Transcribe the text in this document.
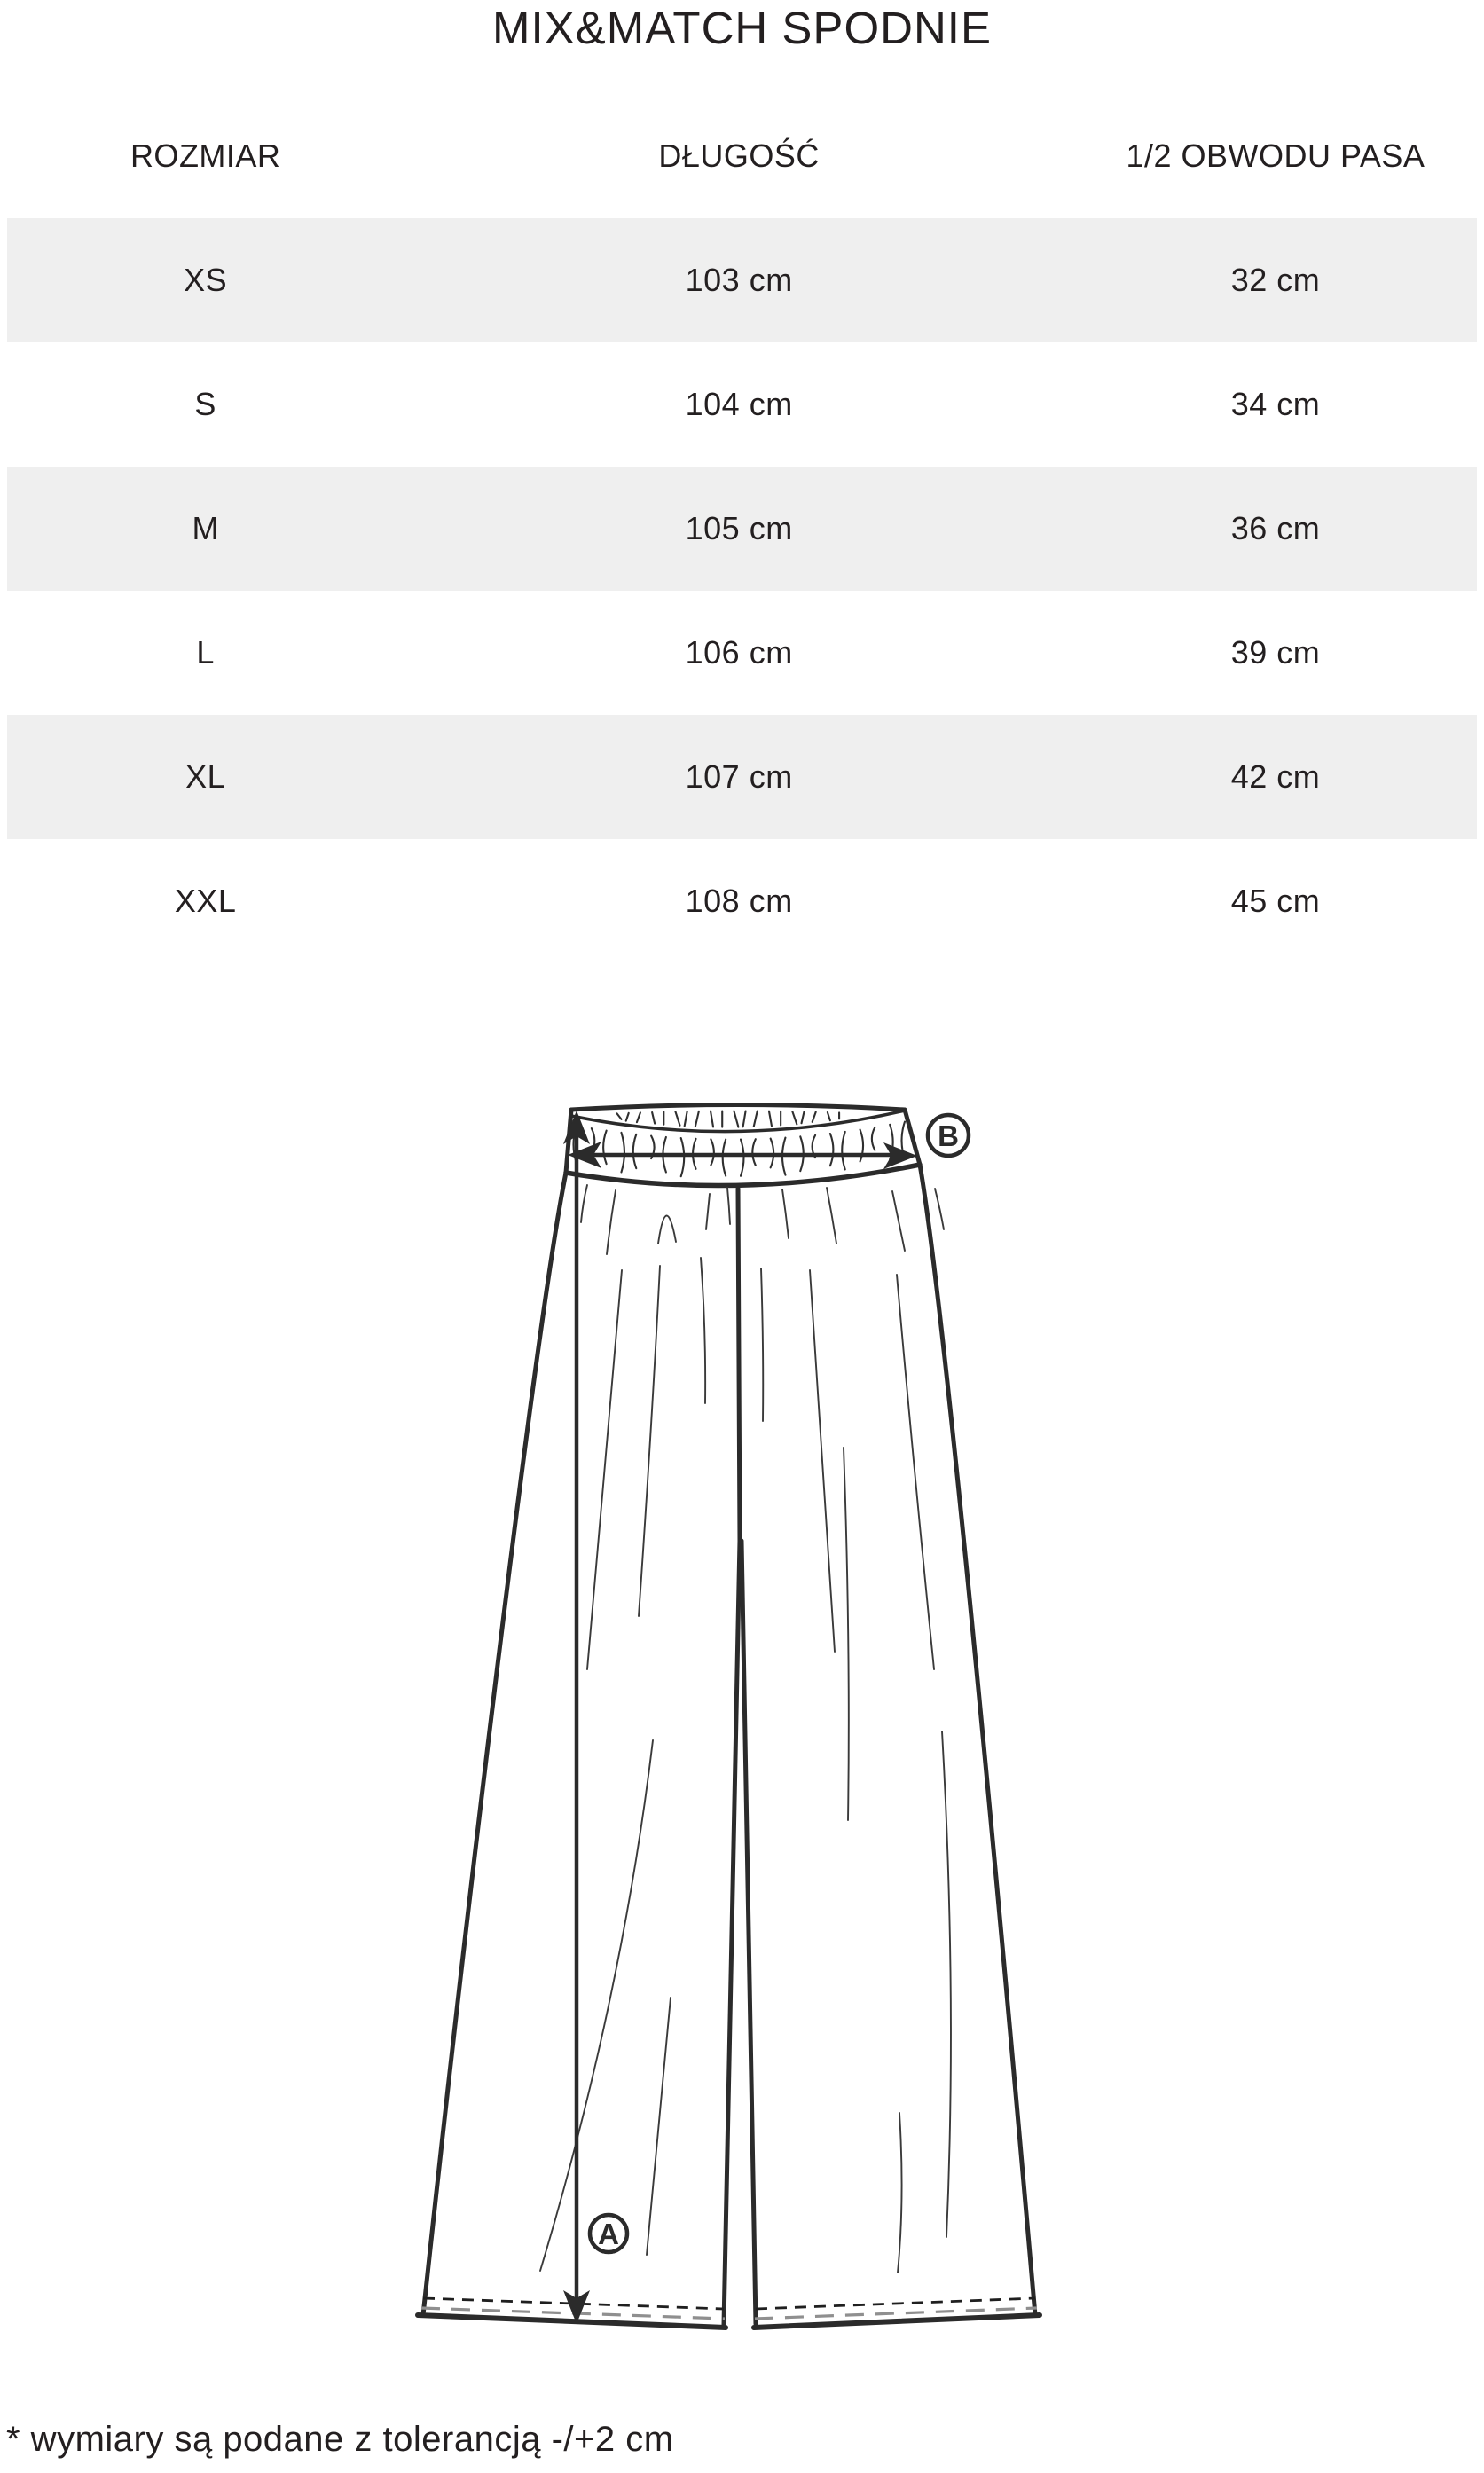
MIX&MATCH SPODNIE
ROZMIAR	DŁUGOŚĆ	1/2 OBWODU PASA
XS	103 cm	32 cm
S	104 cm	34 cm
M	105 cm	36 cm
L	106 cm	39 cm
XL	107 cm	42 cm
XXL	108 cm	45 cm
B
A

* wymiary są podane z tolerancją -/+2 cm
